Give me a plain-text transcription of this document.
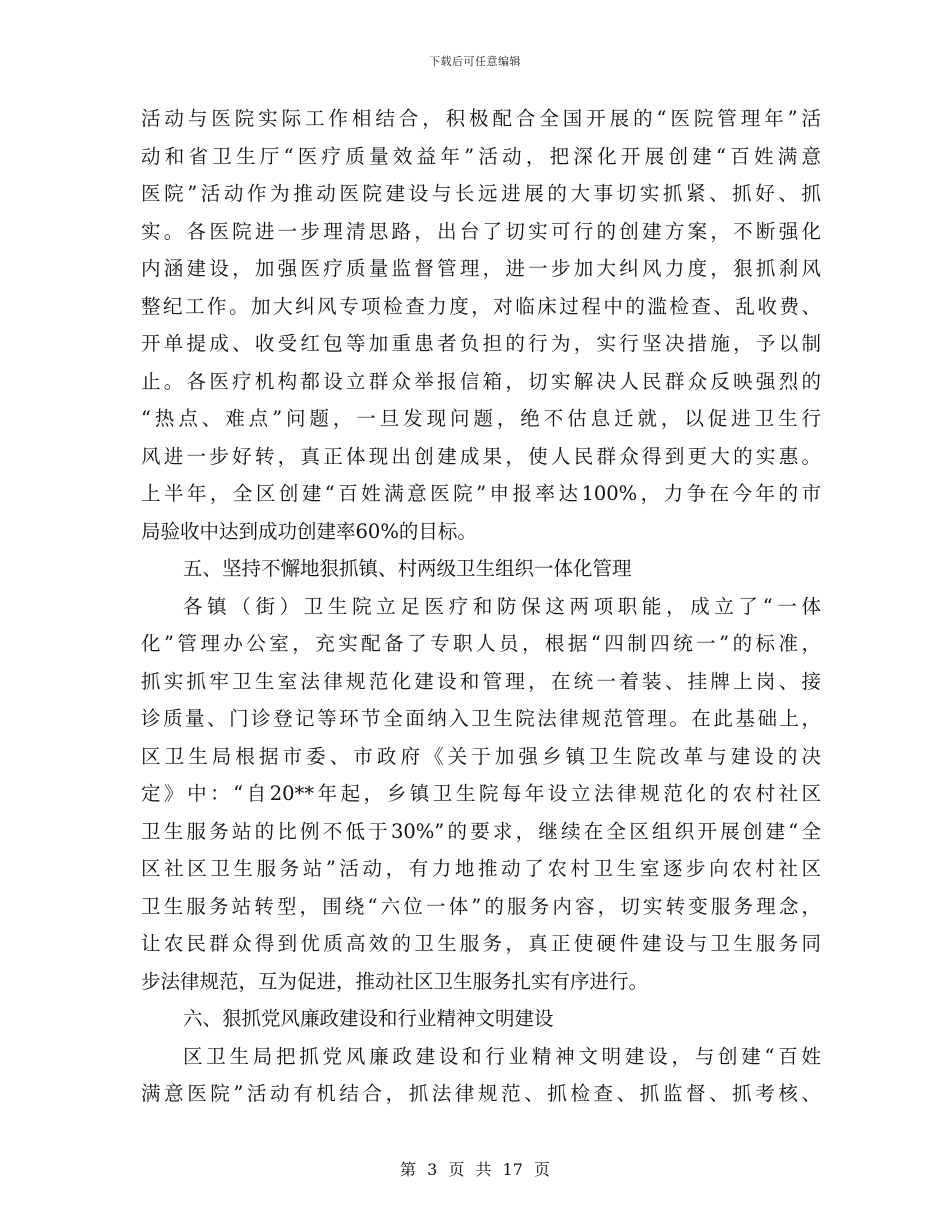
下载后可任意编辑
活动与医院实际工作相结合，积极配合全国开展的“医院管理年”活
动和省卫生厅“医疗质量效益年”活动，把深化开展创建“百姓满意
医院”活动作为推动医院建设与长远进展的大事切实抓紧、抓好、抓
实。各医院进一步理清思路，出台了切实可行的创建方案，不断强化
内涵建设，加强医疗质量监督管理，进一步加大纠风力度，狠抓刹风
整纪工作。加大纠风专项检查力度，对临床过程中的滥检查、乱收费、
开单提成、收受红包等加重患者负担的行为，实行坚决措施，予以制
止。各医疗机构都设立群众举报信箱，切实解决人民群众反映强烈的
“热点、难点”问题，一旦发现问题，绝不估息迁就，以促进卫生行
风进一步好转，真正体现出创建成果，使人民群众得到更大的实惠。
上半年，全区创建“百姓满意医院”申报率达100%，力争在今年的市
局验收中达到成功创建率60%的目标。
五、坚持不懈地狠抓镇、村两级卫生组织一体化管理
各镇（街）卫生院立足医疗和防保这两项职能，成立了“一体
化”管理办公室，充实配备了专职人员，根据“四制四统一”的标准，
抓实抓牢卫生室法律规范化建设和管理，在统一着装、挂牌上岗、接
诊质量、门诊登记等环节全面纳入卫生院法律规范管理。在此基础上，
区卫生局根据市委、市政府《关于加强乡镇卫生院改革与建设的决
定》中：“自20**年起，乡镇卫生院每年设立法律规范化的农村社区
卫生服务站的比例不低于30%”的要求，继续在全区组织开展创建“全
区社区卫生服务站”活动，有力地推动了农村卫生室逐步向农村社区
卫生服务站转型，围绕“六位一体”的服务内容，切实转变服务理念，
让农民群众得到优质高效的卫生服务，真正使硬件建设与卫生服务同
步法律规范，互为促进，推动社区卫生服务扎实有序进行。
六、狠抓党风廉政建设和行业精神文明建设
区卫生局把抓党风廉政建设和行业精神文明建设，与创建“百姓
满意医院”活动有机结合，抓法律规范、抓检查、抓监督、抓考核、
第 3 页 共 17 页
